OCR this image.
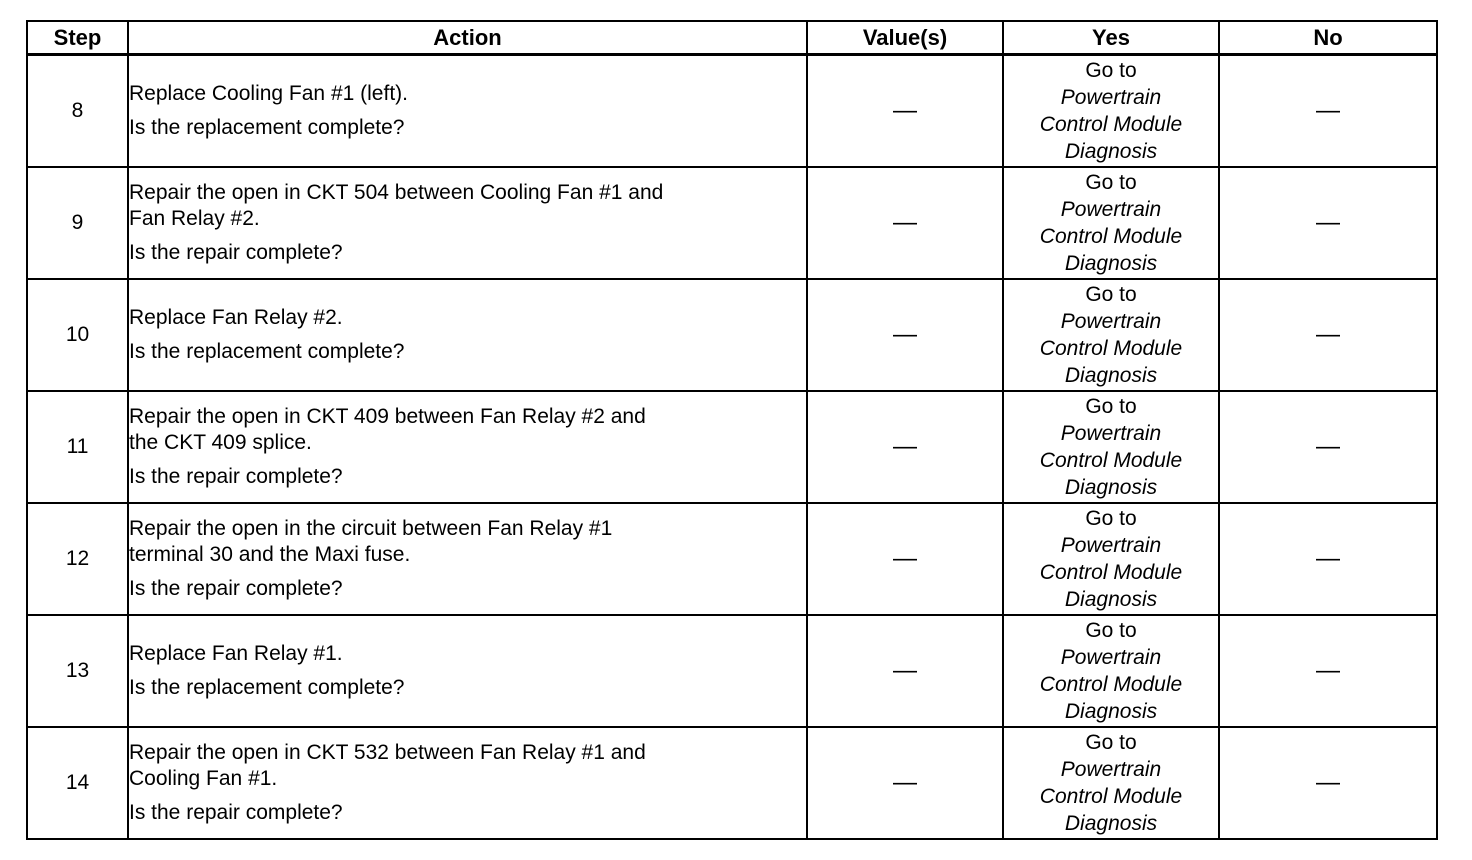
Step	Action	Value(s)	Yes	No
8	Replace Cooling Fan #1 (left).
Is the replacement complete?	—	Go to
Powertrain
Control Module
Diagnosis	—
9	Repair the open in CKT 504 between Cooling Fan #1 and
Fan Relay #2.
Is the repair complete?	—	Go to
Powertrain
Control Module
Diagnosis	—
10	Replace Fan Relay #2.
Is the replacement complete?	—	Go to
Powertrain
Control Module
Diagnosis	—
11	Repair the open in CKT 409 between Fan Relay #2 and
the CKT 409 splice.
Is the repair complete?	—	Go to
Powertrain
Control Module
Diagnosis	—
12	Repair the open in the circuit between Fan Relay #1
terminal 30 and the Maxi fuse.
Is the repair complete?	—	Go to
Powertrain
Control Module
Diagnosis	—
13	Replace Fan Relay #1.
Is the replacement complete?	—	Go to
Powertrain
Control Module
Diagnosis	—
14	Repair the open in CKT 532 between Fan Relay #1 and
Cooling Fan #1.
Is the repair complete?	—	Go to
Powertrain
Control Module
Diagnosis	—
